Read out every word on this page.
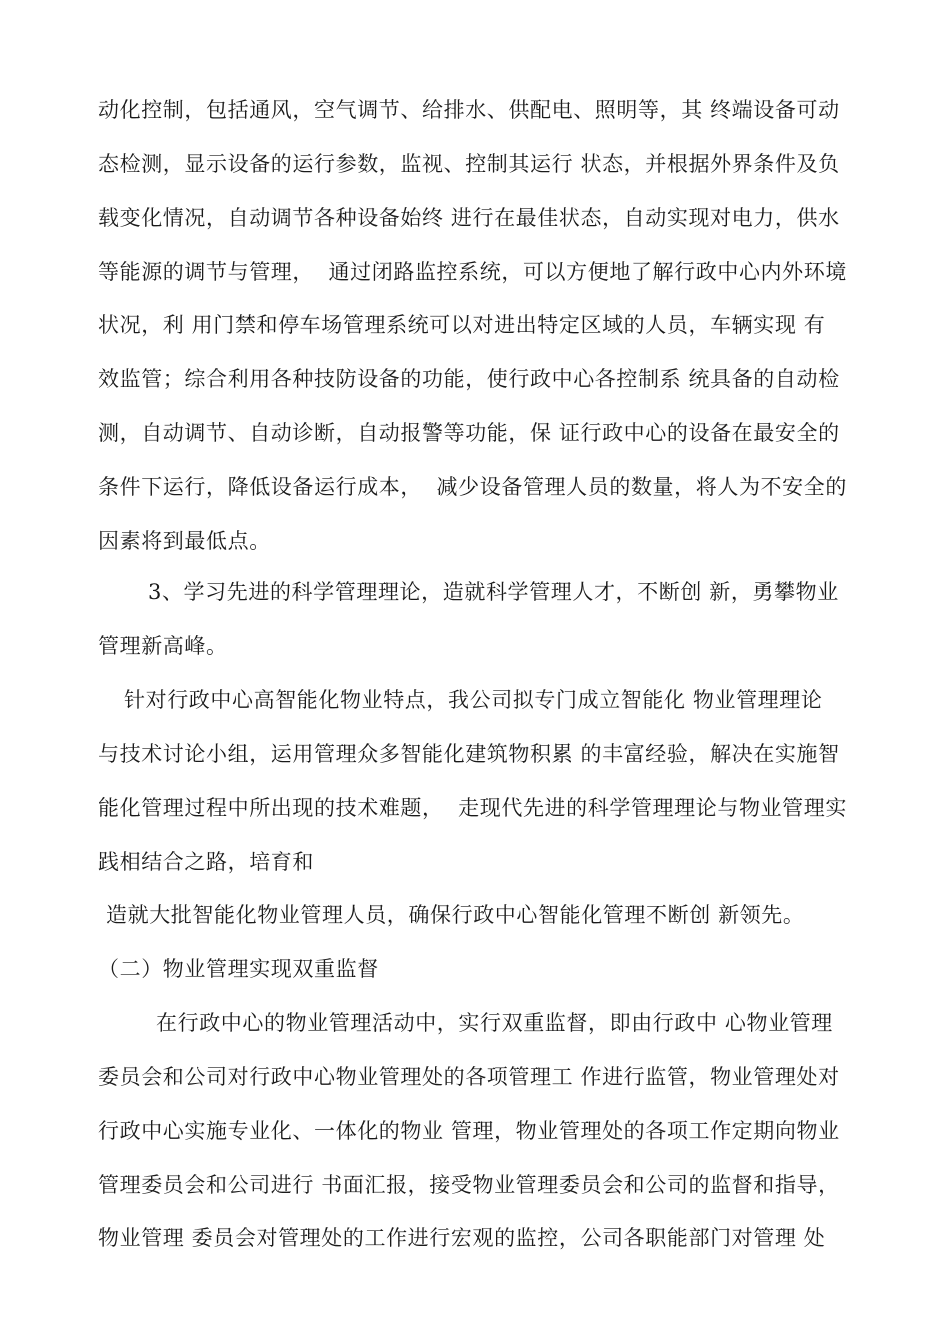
动化控制，包括通风，空气调节、给排水、供配电、照明等，其 终端设备可动
态检测，显示设备的运行参数，监视、控制其运行 状态，并根据外界条件及负
载变化情况，自动调节各种设备始终 进行在最佳状态，自动实现对电力，供水
等能源的调节与管理，  通过闭路监控系统，可以方便地了解行政中心内外环境
状况，利 用门禁和停车场管理系统可以对进出特定区域的人员，车辆实现 有
效监管；综合利用各种技防设备的功能，使行政中心各控制系 统具备的自动检
测，自动调节、自动诊断，自动报警等功能，保 证行政中心的设备在最安全的
条件下运行，降低设备运行成本，  减少设备管理人员的数量，将人为不安全的
因素将到最低点。
3、学习先进的科学管理理论，造就科学管理人才，不断创 新，勇攀物业
管理新高峰。
针对行政中心高智能化物业特点，我公司拟专门成立智能化 物业管理理论
与技术讨论小组，运用管理众多智能化建筑物积累 的丰富经验，解决在实施智
能化管理过程中所出现的技术难题，  走现代先进的科学管理理论与物业管理实
践相结合之路，培育和
造就大批智能化物业管理人员，确保行政中心智能化管理不断创 新领先。
（二）物业管理实现双重监督
在行政中心的物业管理活动中，实行双重监督，即由行政中 心物业管理
委员会和公司对行政中心物业管理处的各项管理工 作进行监管，物业管理处对
行政中心实施专业化、一体化的物业 管理，物业管理处的各项工作定期向物业
管理委员会和公司进行 书面汇报，接受物业管理委员会和公司的监督和指导，
物业管理 委员会对管理处的工作进行宏观的监控，公司各职能部门对管理 处
